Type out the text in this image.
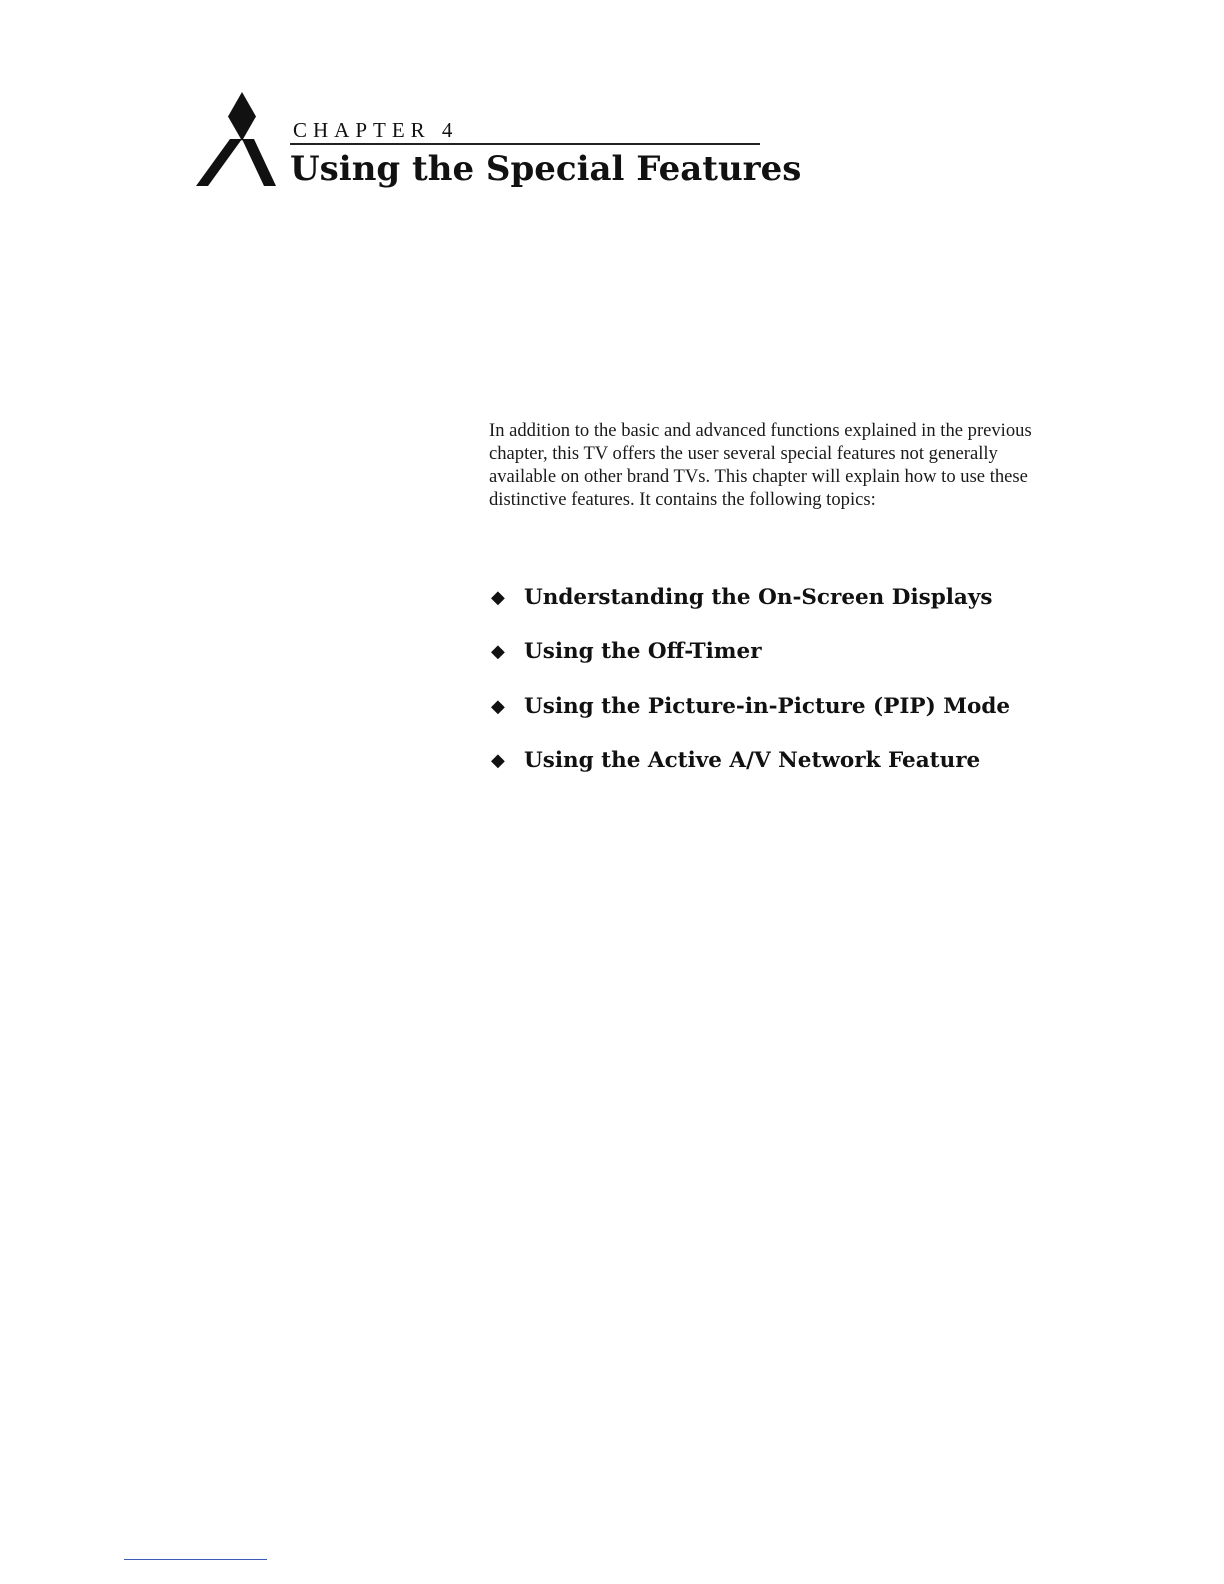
CHAPTER 4
Using the Special Features

In addition to the basic and advanced functions explained in the previous chapter, this TV offers the user several special features not generally available on other brand TVs. This chapter will explain how to use these distinctive features. It contains the following topics:

◆ Understanding the On-Screen Displays
◆ Using the Off-Timer
◆ Using the Picture-in-Picture (PIP) Mode
◆ Using the Active A/V Network Feature
